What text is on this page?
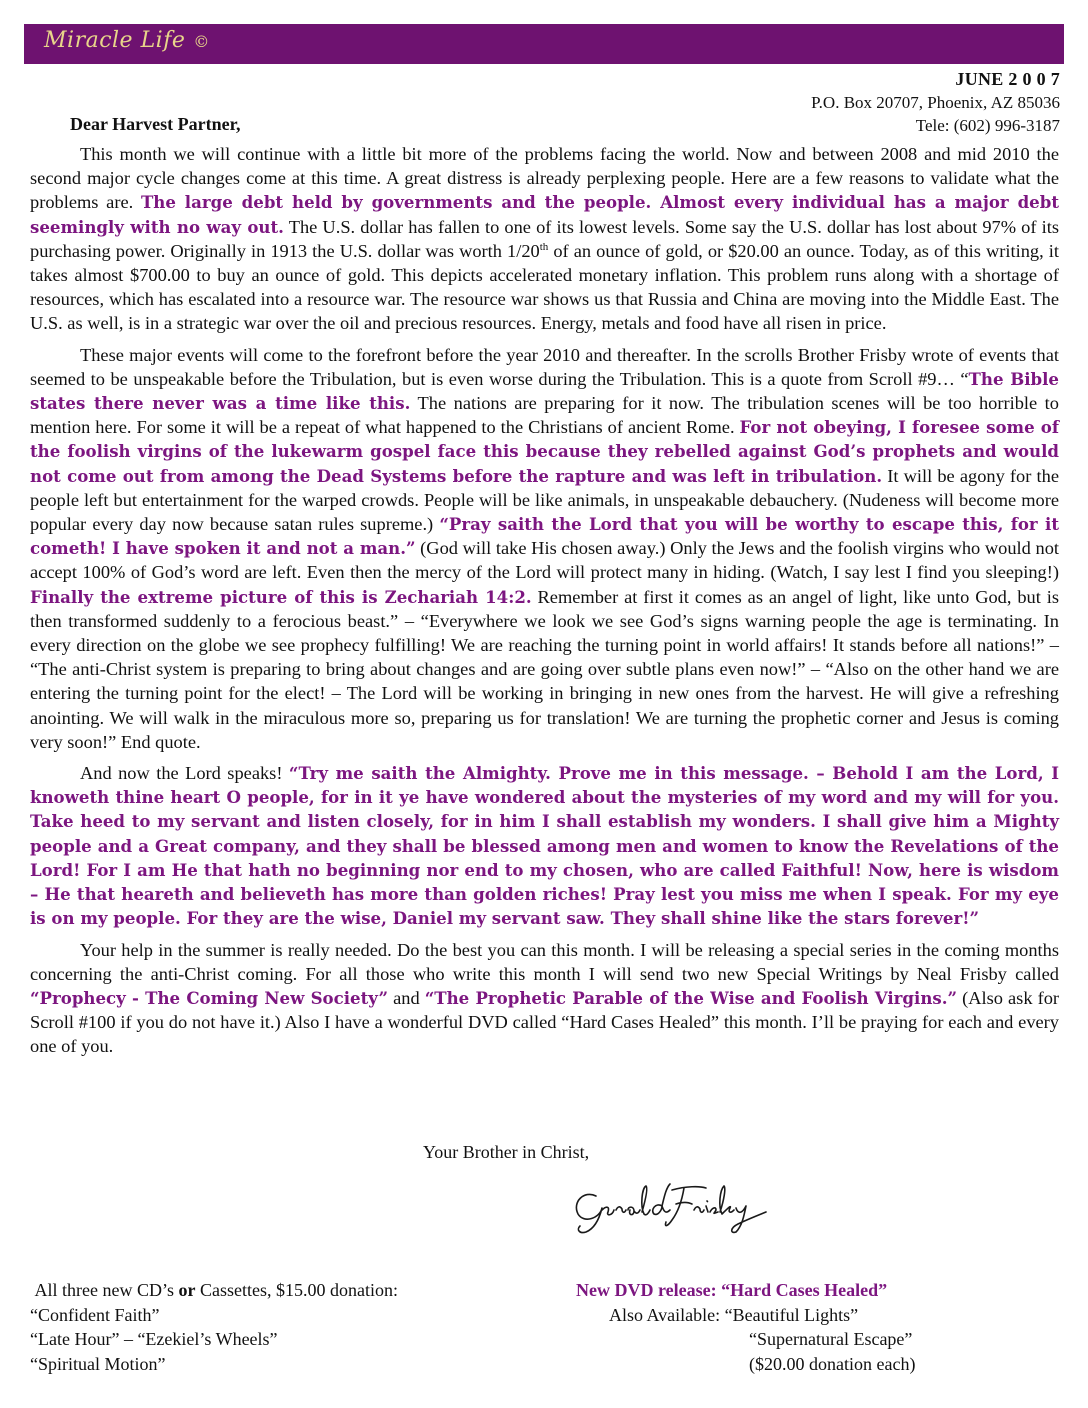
Miracle Life ©
JUNE 2 0 0 7
P.O. Box 20707, Phoenix, AZ 85036
Tele: (602) 996-3187
Dear Harvest Partner,

This month we will continue with a little bit more of the problems facing the world. Now and between 2008 and mid 2010 the second major cycle changes come at this time. A great distress is already perplexing people. Here are a few reasons to validate what the problems are. The large debt held by governments and the people. Almost every individual has a major debt seemingly with no way out. The U.S. dollar has fallen to one of its lowest levels. Some say the U.S. dollar has lost about 97% of its purchasing power. Originally in 1913 the U.S. dollar was worth 1/20th of an ounce of gold, or $20.00 an ounce. Today, as of this writing, it takes almost $700.00 to buy an ounce of gold. This depicts accelerated monetary inflation. This problem runs along with a shortage of resources, which has escalated into a resource war. The resource war shows us that Russia and China are moving into the Middle East. The U.S. as well, is in a strategic war over the oil and precious resources. Energy, metals and food have all risen in price.

These major events will come to the forefront before the year 2010 and thereafter. In the scrolls Brother Frisby wrote of events that seemed to be unspeakable before the Tribulation, but is even worse during the Tribulation. This is a quote from Scroll #9… “The Bible states there never was a time like this. The nations are preparing for it now. The tribulation scenes will be too horrible to mention here. For some it will be a repeat of what happened to the Christians of ancient Rome. For not obeying, I foresee some of the foolish virgins of the lukewarm gospel face this because they rebelled against God’s prophets and would not come out from among the Dead Systems before the rapture and was left in tribulation. It will be agony for the people left but entertainment for the warped crowds. People will be like animals, in unspeakable debauchery. (Nudeness will become more popular every day now because satan rules supreme.) “Pray saith the Lord that you will be worthy to escape this, for it cometh! I have spoken it and not a man.” (God will take His chosen away.) Only the Jews and the foolish virgins who would not accept 100% of God’s word are left. Even then the mercy of the Lord will protect many in hiding. (Watch, I say lest I find you sleeping!) Finally the extreme picture of this is Zechariah 14:2. Remember at first it comes as an angel of light, like unto God, but is then transformed suddenly to a ferocious beast.” – “Everywhere we look we see God’s signs warning people the age is terminating. In every direction on the globe we see prophecy fulfilling! We are reaching the turning point in world affairs! It stands before all nations!” – “The anti-Christ system is preparing to bring about changes and are going over subtle plans even now!” – “Also on the other hand we are entering the turning point for the elect! – The Lord will be working in bringing in new ones from the harvest. He will give a refreshing anointing. We will walk in the miraculous more so, preparing us for translation! We are turning the prophetic corner and Jesus is coming very soon!” End quote.

And now the Lord speaks! “Try me saith the Almighty. Prove me in this message. – Behold I am the Lord, I knoweth thine heart O people, for in it ye have wondered about the mysteries of my word and my will for you. Take heed to my servant and listen closely, for in him I shall establish my wonders. I shall give him a Mighty people and a Great company, and they shall be blessed among men and women to know the Revelations of the Lord! For I am He that hath no beginning nor end to my chosen, who are called Faithful! Now, here is wisdom – He that heareth and believeth has more than golden riches! Pray lest you miss me when I speak. For my eye is on my people. For they are the wise, Daniel my servant saw. They shall shine like the stars forever!”

Your help in the summer is really needed. Do the best you can this month. I will be releasing a special series in the coming months concerning the anti-Christ coming. For all those who write this month I will send two new Special Writings by Neal Frisby called “Prophecy - The Coming New Society” and “The Prophetic Parable of the Wise and Foolish Virgins.” (Also ask for Scroll #100 if you do not have it.) Also I have a wonderful DVD called “Hard Cases Healed” this month. I’ll be praying for each and every one of you.

Your Brother in Christ,
All three new CD’s or Cassettes, $15.00 donation:
“Confident Faith”
“Late Hour” – “Ezekiel’s Wheels”
“Spiritual Motion”
New DVD release: “Hard Cases Healed”
Also Available: “Beautiful Lights”
“Supernatural Escape”
($20.00 donation each)
